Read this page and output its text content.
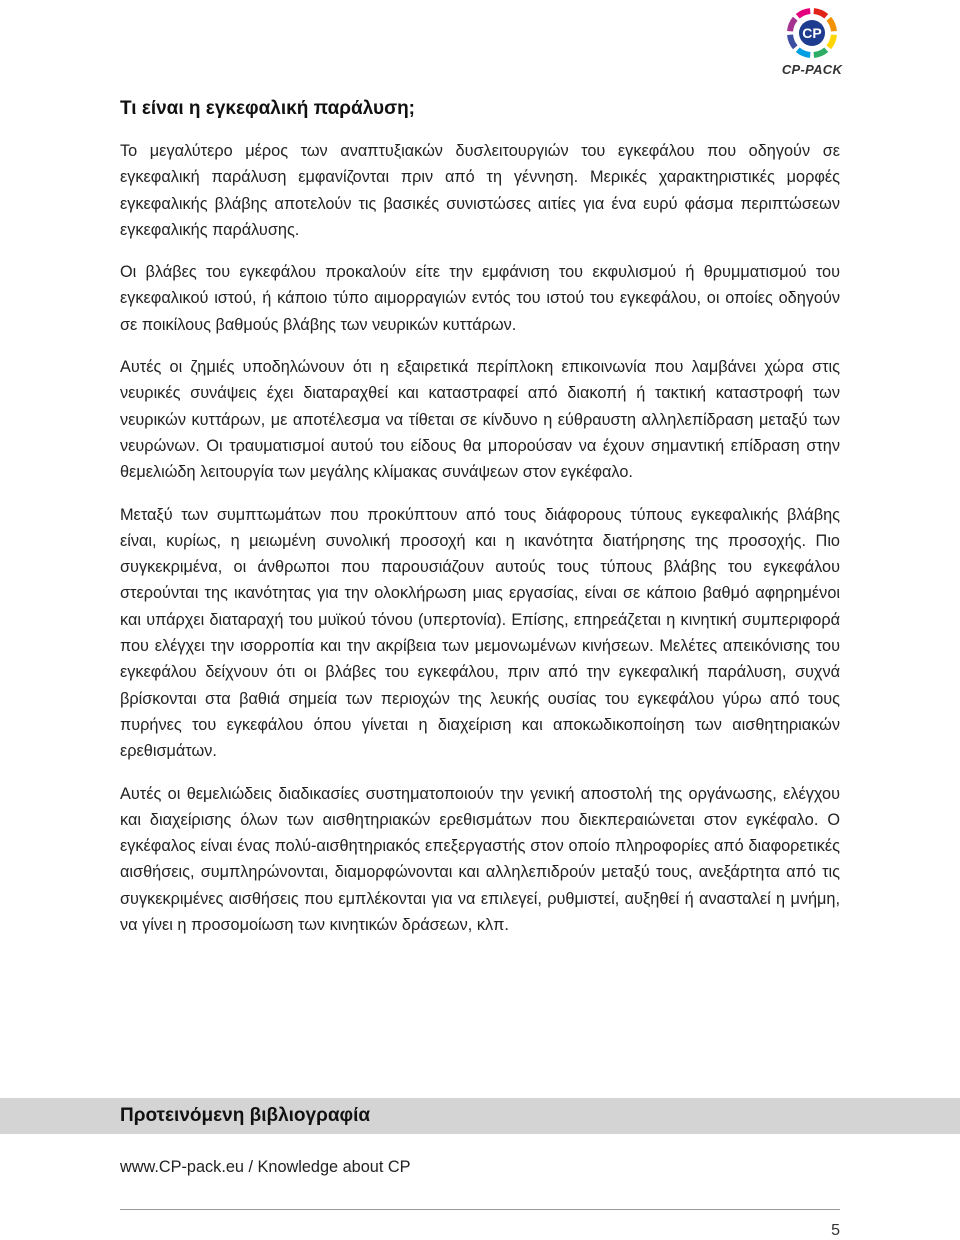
CP
CP-PACK
Τι είναι η εγκεφαλική παράλυση;

Το μεγαλύτερο μέρος των αναπτυξιακών δυσλειτουργιών του εγκεφάλου που οδηγούν σε εγκεφαλική παράλυση εμφανίζονται πριν από τη γέννηση. Μερικές χαρακτηριστικές μορφές εγκεφαλικής βλάβης αποτελούν τις βασικές συνιστώσες αιτίες για ένα ευρύ φάσμα περιπτώσεων εγκεφαλικής παράλυσης.

Οι βλάβες του εγκεφάλου προκαλούν είτε την εμφάνιση του εκφυλισμού ή θρυμματισμού του εγκεφαλικού ιστού, ή κάποιο τύπο αιμορραγιών εντός του ιστού του εγκεφάλου, οι οποίες οδηγούν σε ποικίλους βαθμούς βλάβης των νευρικών κυττάρων.

Αυτές οι ζημιές υποδηλώνουν ότι η εξαιρετικά περίπλοκη επικοινωνία που λαμβάνει χώρα στις νευρικές συνάψεις έχει διαταραχθεί και καταστραφεί από διακοπή ή τακτική καταστροφή των νευρικών κυττάρων, με αποτέλεσμα να τίθεται σε κίνδυνο η εύθραυστη αλληλεπίδραση μεταξύ των νευρώνων. Οι τραυματισμοί αυτού του είδους θα μπορούσαν να έχουν σημαντική επίδραση στην θεμελιώδη λειτουργία των μεγάλης κλίμακας συνάψεων στον εγκέφαλο.

Μεταξύ των συμπτωμάτων που προκύπτουν από τους διάφορους τύπους εγκεφαλικής βλάβης είναι, κυρίως, η μειωμένη συνολική προσοχή και η ικανότητα διατήρησης της προσοχής. Πιο συγκεκριμένα, οι άνθρωποι που παρουσιάζουν αυτούς τους τύπους βλάβης του εγκεφάλου στερούνται της ικανότητας για την ολοκλήρωση μιας εργασίας, είναι σε κάποιο βαθμό αφηρημένοι και υπάρχει διαταραχή του μυϊκού τόνου (υπερτονία). Επίσης, επηρεάζεται η κινητική συμπεριφορά που ελέγχει την ισορροπία και την ακρίβεια των μεμονωμένων κινήσεων. Μελέτες απεικόνισης του εγκεφάλου δείχνουν ότι οι βλάβες του εγκεφάλου, πριν από την εγκεφαλική παράλυση, συχνά βρίσκονται στα βαθιά σημεία των περιοχών της λευκής ουσίας του εγκεφάλου γύρω από τους πυρήνες του εγκεφάλου όπου γίνεται η διαχείριση και αποκωδικοποίηση των αισθητηριακών ερεθισμάτων.

Αυτές οι θεμελιώδεις διαδικασίες συστηματοποιούν την γενική αποστολή της οργάνωσης, ελέγχου και διαχείρισης όλων των αισθητηριακών ερεθισμάτων που διεκπεραιώνεται στον εγκέφαλο. Ο εγκέφαλος είναι ένας πολύ-αισθητηριακός επεξεργαστής στον οποίο πληροφορίες από διαφορετικές αισθήσεις, συμπληρώνονται, διαμορφώνονται και αλληλεπιδρούν μεταξύ τους, ανεξάρτητα από τις συγκεκριμένες αισθήσεις που εμπλέκονται για να επιλεγεί, ρυθμιστεί, αυξηθεί ή ανασταλεί η μνήμη, να γίνει η προσομοίωση των κινητικών δράσεων, κλπ.

Προτεινόμενη βιβλιογραφία
www.CP-pack.eu / Knowledge about CP
5
